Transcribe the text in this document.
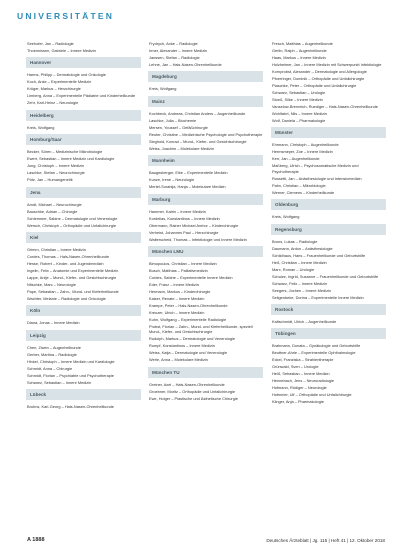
UNIVERSITÄTEN
Seehofer, Jan – Radiologie
Thoennissen, Gabriele – Innere Medizin
Hannover
Harms, Philipp – Dermatologie und Onkologie
Koch, Anke – Experimentelle Medizin
Krüger, Markus – Herzchirurgie
Limberg, Anna – Experimentelle Pädiatrie und Kinderheilkunde
Zehr, Karl-Heinz – Neurologie
Heidelberg
Kreis, Wolfgang
Homburg/Saar
Becker, Sören – Medizinische Mikrobiologie
Ewert, Sebastian – Innere Medizin und Kardiologie
Jung, Christoph – Innere Medizin
Laschke, Stefan – Neurochirurgie
Pütz, Jan – Humangenetik
Jena
Arndt, Michael – Neurochirurgie
Bauschke, Adrian – Chirurgie
Schlemmer, Sabine – Dermatologie und Venerologie
Wersch, Christoph – Orthopädie und Unfallchirurgie
Kiel
Grimm, Christian – Innere Medizin
Cordes, Thomas – Hals-Nasen-Ohrenheilkunde
Hesse, Robert – Kinder- und Jugendmedizin
Ingelin, Felix – Anatomie und Experimentelle Medizin
Lappe, Antje – Mund-, Kiefer- und Gesichtschirurgie
Nitschke, Marc – Neurologie
Pape, Sebastian – Zahn-, Mund- und Kieferheilkunde
Wachter, Melanie – Radiologie und Onkologie
Köln
Diana, Jonas – Innere Medizin
Leipzig
Chen, Ziwen – Augenheilkunde
Gerber, Martina – Radiologie
Hinkel, Christoph – Innere Medizin und Kardiologie
Schmidt, Anna – Chirurgie
Schmidt, Florian – Psychiatrie und Psychotherapie
Schwarz, Sebastian – Innere Medizin
Lübeck
Bruhns, Karl-Georg – Hals-Nasen-Ohrenheilkunde
Frydrych, Anke – Radiologie
Irmer, Alexander – Innere Medizin
Janssen, Stefan – Radiologie
Lehne, Jan – Hals-Nasen-Ohrenheilkunde
Magdeburg
Kreis, Wolfgang
Mainz
Kochbeck, Andreas, Christian Anders – Augenheilkunde
Laschke, Julia – Biochemie
Mersen, Youssef – Gefäßchirurgie
Reuter, Christine – Medizinische Psychologie und Psychotherapie
Sieghold, Konrad – Mund-, Kiefer- und Gesichtschirurgie
Weiss, Joachim – Molekulare Medizin
Mannheim
Baugesberger, Elke – Experimentelle Medizin
Kunze, Irene – Neurologie
Mertel-Sorabija, Hanja – Molekulare Medizin
Marburg
Hammer, Katrin – Innere Medizin
Kordelias, Konstantinos – Innere Medizin
Obermann, Rainer Michael Amhor – Kinderchirurgie
Verheist, Johannes Paul – Herzchirurgie
Walterscheid, Thomas – Infektiologie und Innere Medizin
München LMU
Bimopoulos, Christian – Innere Medizin
Busch, Matthias – Palliativmedizin
Cordes, Sabine – Experimentelle Innere Medizin
Eder, Franz – Innere Medizin
Hermann, Markus – Kinderchirurgie
Kaiser, Renate – Innere Medizin
Krampe, Peter – Hals-Nasen-Ohrenheilkunde
Kreuzer, Ulrich – Innere Medizin
Kuhn, Wolfgang – Experimentelle Radiologie
Probst, Florian – Zahn-, Mund- und Kieferheilkunde, speziell Mund-, Kiefer- und Gesichtschirurgie
Rudolph, Markus – Dermatologie und Venerologie
Rumpf, Konstantinos – Innere Medizin
Weiss, Katja – Dermatologie und Venerologie
Werle, Anna – Molekulare Medizin
München TU
Greiner, Axel – Hals-Nasen-Ohrenheilkunde
Groebner, Moritz – Orthopädie und Unfallchirurgie
Ewe, Holger – Plastische und Ästhetische Chirurgie
Fresch, Matthias – Augenheilkunde
Gerlin, Ralph – Augenheilkunde
Haas, Markus – Innere Medizin
Holzheimer, Jan – Innere Medizin mit Schwerpunkt Infektiologie
Kornprobst, Alexander – Dermatologie und Allergologie
Pfoerringer, Dominik – Orthopädie und Unfallchirurgie
Plaschke, Peter – Orthopädie und Unfallchirurgie
Schwarz, Sebastian – Urologie
Stoeß, Silke – Innere Medizin
Vanselow-Brenreich, Ruediger – Hals-Nasen-Ohrenheilkunde
Wohlfahrt, Nils – Innere Medizin
Wolf, Daniela – Pharmakologie
Münster
Ehrmann, Christoph – Augenheilkunde
Hermsmeyer, Zoe – Innere Medizin
Kerr, Jan – Augenheilkunde
Maßberg, Ulrich – Psychosomatische Medizin und Psychotherapie
Rossetti, Jan – Anästhesiologie und Intensivmedizin
Palm, Christian – Mikrobiologie
Werner, Clemens – Kinderheilkunde
Oldenburg
Kreis, Wolfgang
Regensburg
Bruns, Lukas – Radiologie
Daumann, Anton – Anästhesiologie
Schildhaus, Hans – Frauenheilkunde und Geburtshilfe
Heß, Christian – Innere Medizin
Marx, Roman – Urologie
Schulze, Ingrid, Susanne – Frauenheilkunde und Geburtshilfe
Schwarz, Felix – Innere Medizin
Seegers, Jochen – Innere Medizin
Seligenbeke, Dorina – Experimentelle Innere Medizin
Rostock
Kaltschmidt, Ulrich – Augenheilkunde
Tübingen
Brahmann, Donata – Gynäkologie und Geburtshilfe
Beuttner-Ahrle – Experimentelle Ophthalmologie
Eckel, Franziska – Strahlentherapie
Grünwald, Sven – Urologie
Heiß, Sebastian – Innere Medizin
Hennebach, Jens – Neuroradiologie
Hofmann, Rüdiger – Neurologie
Hofmeier, Ulf – Orthopädie und Unfallchirurgie
Klinger, Anja – Pharmakologie
A 1888	Deutsches Ärzteblatt | Jg. 115 | Heft 41 | 12. Oktober 2018
